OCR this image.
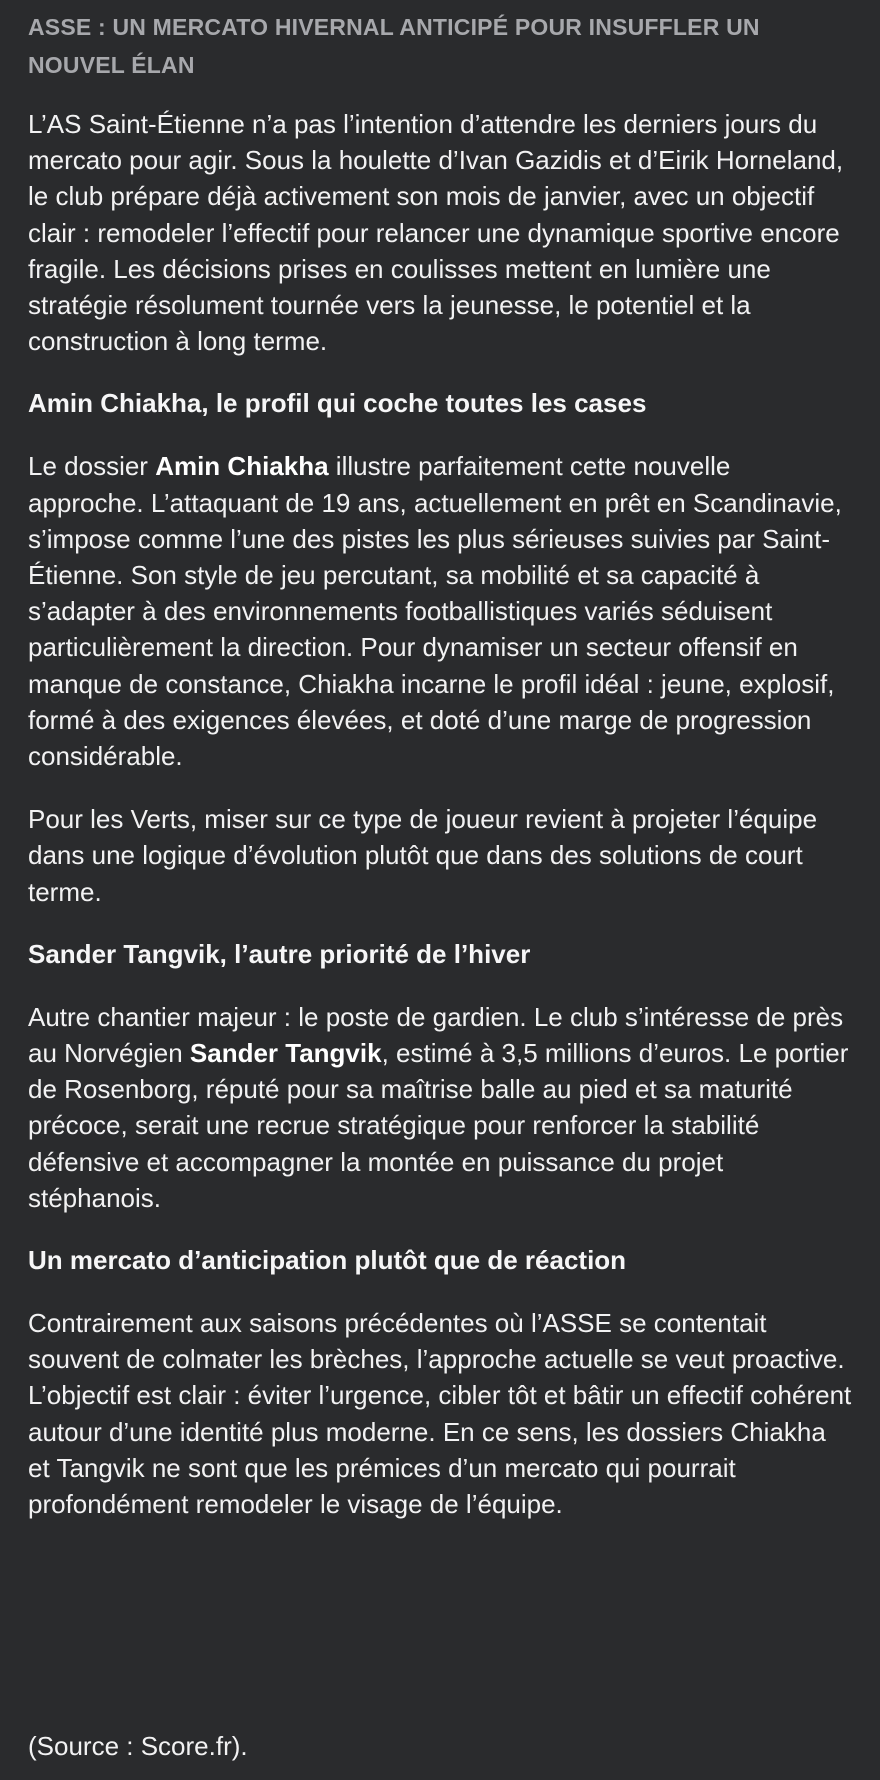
ASSE : UN MERCATO HIVERNAL ANTICIPÉ POUR INSUFFLER UN NOUVEL ÉLAN

L’AS Saint-Étienne n’a pas l’intention d’attendre les derniers jours du mercato pour agir. Sous la houlette d’Ivan Gazidis et d’Eirik Horneland, le club prépare déjà activement son mois de janvier, avec un objectif clair : remodeler l’effectif pour relancer une dynamique sportive encore fragile. Les décisions prises en coulisses mettent en lumière une stratégie résolument tournée vers la jeunesse, le potentiel et la construction à long terme.

Amin Chiakha, le profil qui coche toutes les cases

Le dossier Amin Chiakha illustre parfaitement cette nouvelle approche. L’attaquant de 19 ans, actuellement en prêt en Scandinavie, s’impose comme l’une des pistes les plus sérieuses suivies par Saint-Étienne. Son style de jeu percutant, sa mobilité et sa capacité à s’adapter à des environnements footballistiques variés séduisent particulièrement la direction. Pour dynamiser un secteur offensif en manque de constance, Chiakha incarne le profil idéal : jeune, explosif, formé à des exigences élevées, et doté d’une marge de progression considérable.

Pour les Verts, miser sur ce type de joueur revient à projeter l’équipe dans une logique d’évolution plutôt que dans des solutions de court terme.

Sander Tangvik, l’autre priorité de l’hiver

Autre chantier majeur : le poste de gardien. Le club s’intéresse de près au Norvégien Sander Tangvik, estimé à 3,5 millions d’euros. Le portier de Rosenborg, réputé pour sa maîtrise balle au pied et sa maturité précoce, serait une recrue stratégique pour renforcer la stabilité défensive et accompagner la montée en puissance du projet stéphanois.

Un mercato d’anticipation plutôt que de réaction

Contrairement aux saisons précédentes où l’ASSE se contentait souvent de colmater les brèches, l’approche actuelle se veut proactive. L’objectif est clair : éviter l’urgence, cibler tôt et bâtir un effectif cohérent autour d’une identité plus moderne. En ce sens, les dossiers Chiakha et Tangvik ne sont que les prémices d’un mercato qui pourrait profondément remodeler le visage de l’équipe.

(Source : Score.fr).
